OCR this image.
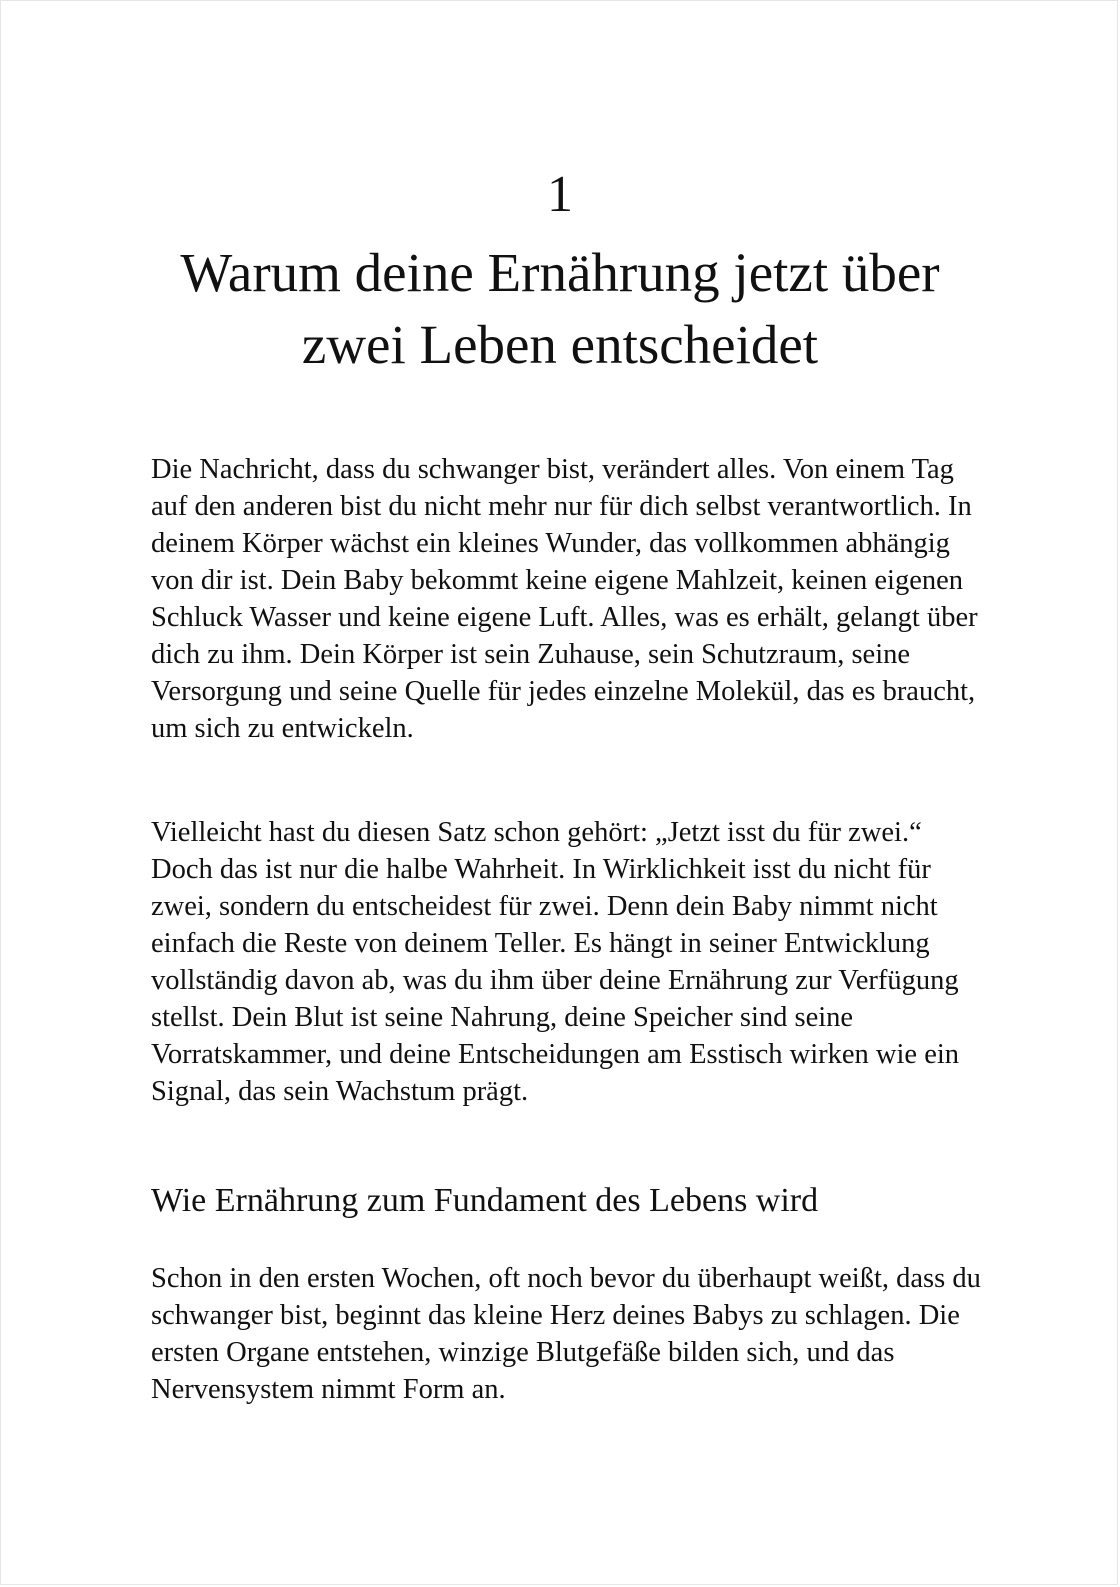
1
Warum deine Ernährung jetzt über
zwei Leben entscheidet

Die Nachricht, dass du schwanger bist, verändert alles. Von einem Tag auf den anderen bist du nicht mehr nur für dich selbst verantwortlich. In deinem Körper wächst ein kleines Wunder, das vollkommen abhängig von dir ist. Dein Baby bekommt keine eigene Mahlzeit, keinen eigenen Schluck Wasser und keine eigene Luft. Alles, was es erhält, gelangt über dich zu ihm. Dein Körper ist sein Zuhause, sein Schutzraum, seine Versorgung und seine Quelle für jedes einzelne Molekül, das es braucht, um sich zu entwickeln.

Vielleicht hast du diesen Satz schon gehört: „Jetzt isst du für zwei.“ Doch das ist nur die halbe Wahrheit. In Wirklichkeit isst du nicht für zwei, sondern du entscheidest für zwei. Denn dein Baby nimmt nicht einfach die Reste von deinem Teller. Es hängt in seiner Entwicklung vollständig davon ab, was du ihm über deine Ernährung zur Verfügung stellst. Dein Blut ist seine Nahrung, deine Speicher sind seine Vorratskammer, und deine Entscheidungen am Esstisch wirken wie ein Signal, das sein Wachstum prägt.

Wie Ernährung zum Fundament des Lebens wird

Schon in den ersten Wochen, oft noch bevor du überhaupt weißt, dass du schwanger bist, beginnt das kleine Herz deines Babys zu schlagen. Die ersten Organe entstehen, winzige Blutgefäße bilden sich, und das Nervensystem nimmt Form an.
